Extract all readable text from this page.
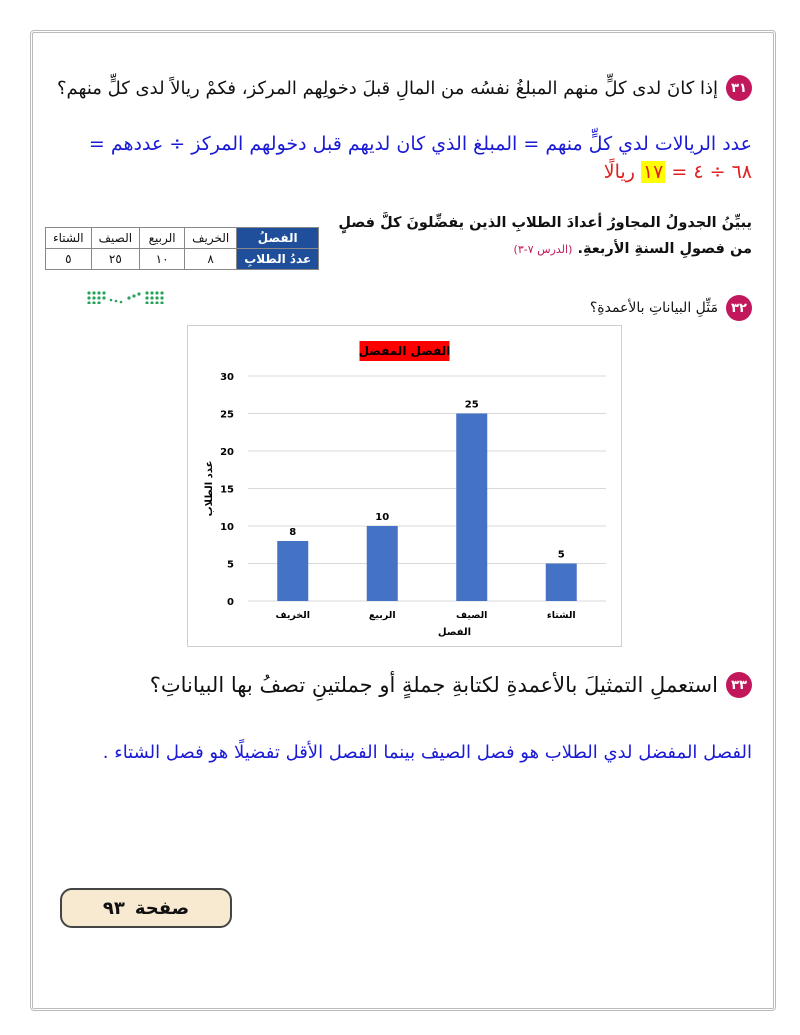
٣١
إذا كانَ لدى كلٍّ منهم المبلغُ نفسُه من المالِ قبلَ دخولِهم المركز، فكمْ ريالاً لدى كلٍّ منهم؟
عدد الريالات لدي كلٍّ منهم = المبلغ الذي كان لديهم قبل دخولهم المركز ÷ عددهم =
٦٨ ÷ ٤ = ١٧ ريالًا
يبيِّنُ الجدولُ المجاورُ أعدادَ الطلابِ الذين يفضِّلونَ كلَّ فصلٍ من فصولِ السنةِ الأربعةِ. (الدرس ٧-٣)
الفصلُ	الخريف	الربيع	الصيف	الشتاء
عددُ الطلابِ	٨	١٠	٢٥	٥
٣٢
مَثِّلِ البياناتِ بالأعمدةِ؟
الفصل المفضل
0
5
10
15
20
25
30
8
الخريف
10
الربيع
25
الصيف
5
الشتاء
الفصل
عدد الطلاب
٣٣
استعملِ التمثيلَ بالأعمدةِ لكتابةِ جملةٍ أو جملتينِ تصفُ بها البياناتِ؟
الفصل المفضل لدي الطلاب هو فصل الصيف بينما الفصل الأقل تفضيلًا هو فصل الشتاء .
صفحة
٩٣
